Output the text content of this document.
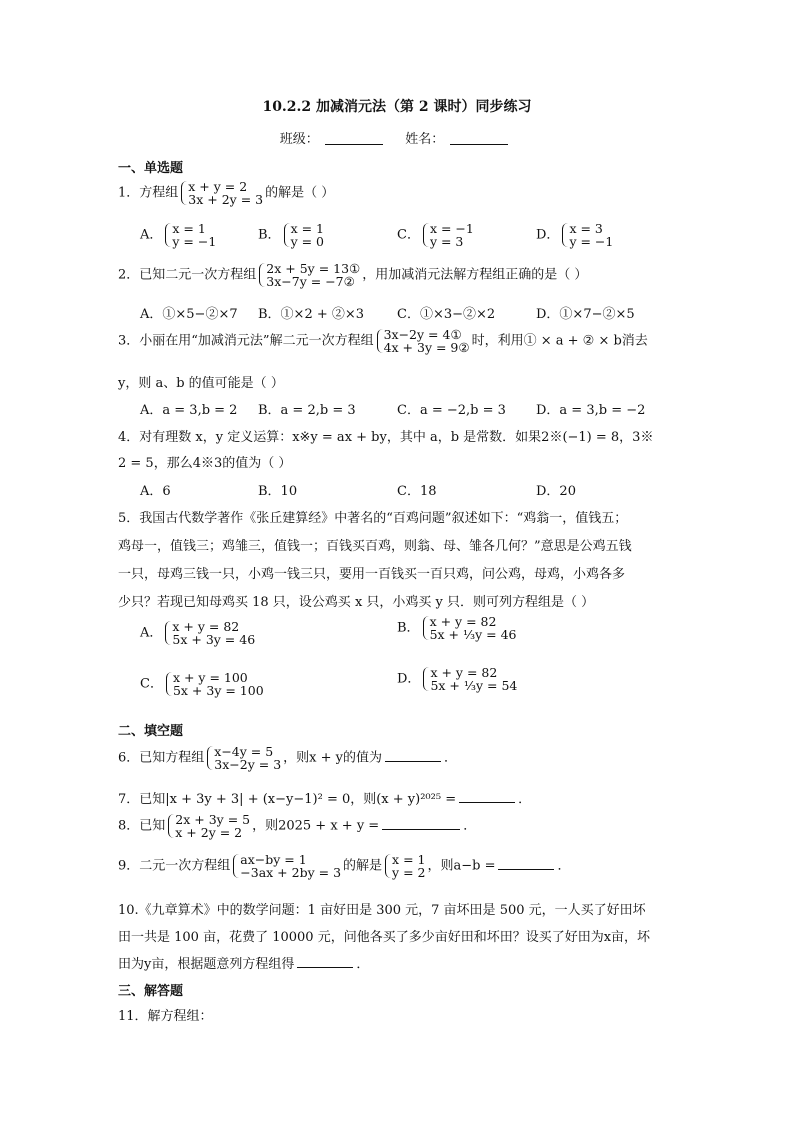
10.2.2 加减消元法（第 2 课时）同步练习
班级：	姓名：
一、单选题
1．方程组 x + y = 2
3x + 2y = 3 的解是（ ）
A． x = 1
y = −1	B． x = 1
y = 0	C． x = −1
y = 3	D． x = 3
y = −1
2．已知二元一次方程组 2x + 5y = 13①
3x−7y = −7② ，用加减消元法解方程组正确的是（ ）
A．①×5−②×7 B．①×2 + ②×3	C．①×3−②×2	D．①×7−②×5
3．小丽在用“加减消元法”解二元一次方程组 3x−2y = 4①
4x + 3y = 9② 时，利用① × a + ② × b消去
y，则 a、b 的值可能是（ ）
A．a = 3,b = 2 B．a = 2,b = 3	C．a = −2,b = 3 D．a = 3,b = −2
4．对有理数 x，y 定义运算：x※y = ax + by，其中 a，b 是常数．如果2※(−1) = 8，3※
2 = 5，那么4※3的值为（ ）
A．6	B．10	C．18	D．20
5．我国古代数学著作《张丘建算经》中著名的“百鸡问题”叙述如下：“鸡翁一，值钱五；
鸡母一，值钱三；鸡雏三，值钱一；百钱买百鸡，则翁、母、雏各几何？”意思是公鸡五钱
一只，母鸡三钱一只，小鸡一钱三只，要用一百钱买一百只鸡，问公鸡，母鸡，小鸡各多
少只？若现已知母鸡买 18 只，设公鸡买 x 只，小鸡买 y 只．则可列方程组是（ ）
A． x + y = 82
5x + 3y = 46
B． x + y = 82
5x + ⅓y = 46
C． x + y = 100
5x + 3y = 100
D． x + y = 82
5x + ⅓y = 54
二、填空题
6．已知方程组 x−4y = 5
3x−2y = 3 ，则x + y的值为	．
7．已知|x + 3y + 3| + (x−y−1)² = 0，则(x + y)²⁰²⁵ =	．
8．已知 2x + 3y = 5
x + 2y = 2 ，则2025 + x + y =	．
9．二元一次方程组 ax−by = 1
−3ax + 2by = 3 的解是 x = 1
y = 2 ，则a−b =	．
10.《九章算术》中的数学问题：1 亩好田是 300 元，7 亩坏田是 500 元，一人买了好田坏
田一共是 100 亩，花费了 10000 元，问他各买了多少亩好田和坏田？设买了好田为x亩，坏
田为y亩，根据题意列方程组得	．
三、解答题
11．解方程组：
